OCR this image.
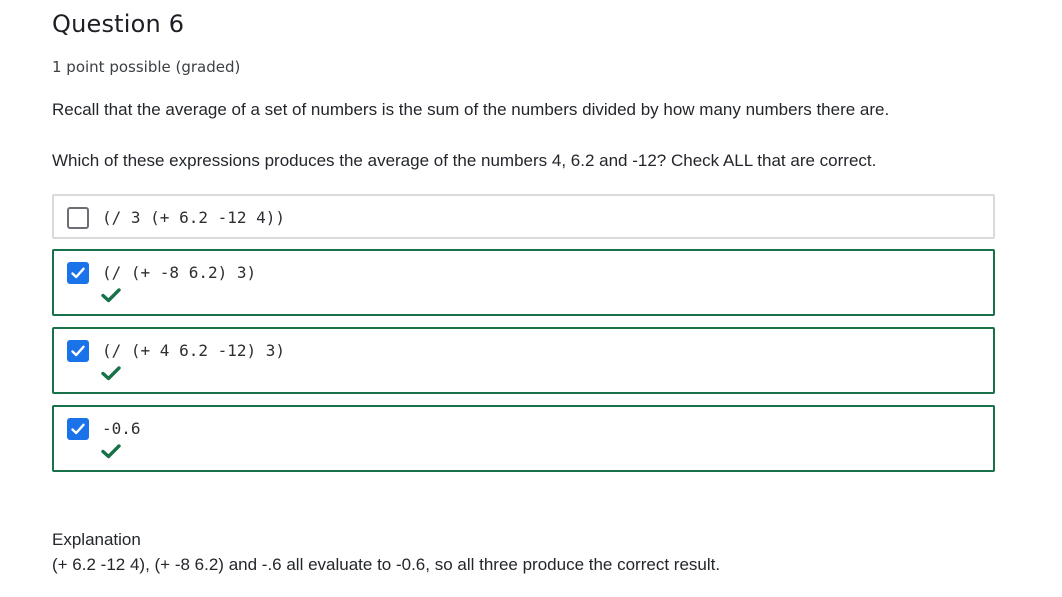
Question 6
1 point possible (graded)

Recall that the average of a set of numbers is the sum of the numbers divided by how many numbers there are.

Which of these expressions produces the average of the numbers 4, 6.2 and -12? Check ALL that are correct.

(/ 3 (+ 6.2 -12 4))
(/ (+ -8 6.2) 3)
(/ (+ 4 6.2 -12) 3)
-0.6
Explanation
(+ 6.2 -12 4), (+ -8 6.2) and -.6 all evaluate to -0.6, so all three produce the correct result.
